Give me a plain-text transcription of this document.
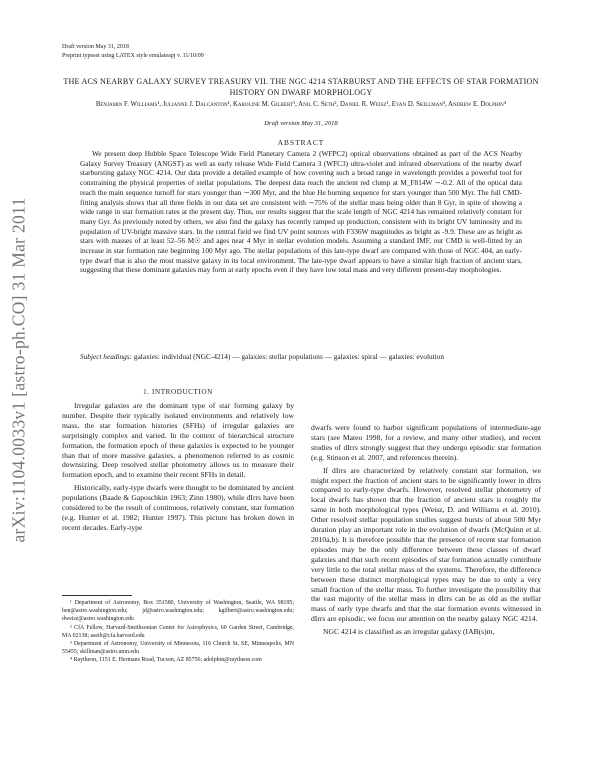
arXiv:1104.0033v1 [astro-ph.CO] 31 Mar 2011
Draft version May 31, 2018
Preprint typeset using LATEX style emulateapj v. 11/10/09
THE ACS NEARBY GALAXY SURVEY TREASURY VII. THE NGC 4214 STARBURST AND THE EFFECTS OF STAR FORMATION HISTORY ON DWARF MORPHOLOGY
Benjamin F. Williams¹, Julianne J. Dalcanton¹, Karoline M. Gilbert¹, Anil C. Seth², Daniel R. Weisz¹, Evan D. Skillman³, Andrew E. Dolphin⁴
Draft version May 31, 2018
ABSTRACT

We present deep Hubble Space Telescope Wide Field Planetary Camera 2 (WFPC2) optical observations obtained as part of the ACS Nearby Galaxy Survey Treasury (ANGST) as well as early release Wide Field Camera 3 (WFC3) ultra-violet and infrared observations of the nearby dwarf starbursting galaxy NGC 4214. Our data provide a detailed example of how covering such a broad range in wavelength provides a powerful tool for constraining the physical properties of stellar populations. The deepest data reach the ancient red clump at M_F814W ∼-0.2. All of the optical data reach the main sequence turnoff for stars younger than ∼300 Myr, and the blue He burning sequence for stars younger than 500 Myr. The full CMD-fitting analysis shows that all three fields in our data set are consistent with ∼75% of the stellar mass being older than 8 Gyr, in spite of showing a wide range in star formation rates at the present day. Thus, our results suggest that the scale length of NGC 4214 has remained relatively constant for many Gyr. As previously noted by others, we also find the galaxy has recently ramped up production, consistent with its bright UV luminosity and its population of UV-bright massive stars. In the central field we find UV point sources with F336W magnitudes as bright as -9.9. These are as bright as stars with masses of at least 52–56 M☉ and ages near 4 Myr in stellar evolution models. Assuming a standard IMF, our CMD is well-fitted by an increase in star formation rate beginning 100 Myr ago. The stellar populations of this late-type dwarf are compared with those of NGC 404, an early-type dwarf that is also the most massive galaxy in its local environment. The late-type dwarf appears to have a similar high fraction of ancient stars, suggesting that these dominant galaxies may form at early epochs even if they have low total mass and very different present-day morphologies.

Subject headings: galaxies: individual (NGC-4214) — galaxies: stellar populations — galaxies: spiral — galaxies: evolution
1. INTRODUCTION

Irregular galaxies are the dominant type of star forming galaxy by number. Despite their typically isolated environments and relatively low mass, the star formation histories (SFHs) of irregular galaxies are surprisingly complex and varied. In the context of hierarchical structure formation, the formation epoch of these galaxies is expected to be younger than that of more massive galaxies, a phenomenon referred to as cosmic downsizing. Deep resolved stellar photometry allows us to measure their formation epoch, and to examine their recent SFHs in detail.

Historically, early-type dwarfs were thought to be dominated by ancient populations (Baade & Gaposchkin 1963; Zinn 1980), while dIrrs have been considered to be the result of continuous, relatively constant, star formation (e.g. Hunter et al. 1982; Hunter 1997). This picture has broken down in recent decades. Early-type

¹ Department of Astronomy, Box 351580, University of Washington, Seattle, WA 98195; ben@astro.washington.edu; jd@astro.washington.edu; kgilbert@astro.washington.edu; dweisz@astro.washington.edu

² CfA Fellow, Harvard-Smithsonian Center for Astrophysics, 60 Garden Street, Cambridge, MA 02138; aseth@cfa.harvard.edu

³ Department of Astronomy, University of Minnesota, 116 Church St. SE, Minneapolis, MN 55455; skillman@astro.umn.edu

⁴ Raytheon, 1151 E. Hermans Road, Tucson, AZ 85756; adolphin@raytheon.com

dwarfs were found to harbor significant populations of intermediate-age stars (see Mateo 1998, for a review, and many other studies), and recent studies of dIrrs strongly suggest that they undergo episodic star formation (e.g. Stinson et al. 2007, and references therein).

If dIrrs are characterized by relatively constant star formation, we might expect the fraction of ancient stars to be significantly lower in dIrrs compared to early-type dwarfs. However, resolved stellar photometry of local dwarfs has shown that the fraction of ancient stars is roughly the same in both morphological types (Weisz, D. and Williams et al. 2010). Other resolved stellar population studies suggest bursts of about 500 Myr duration play an important role in the evolution of dwarfs (McQuinn et al. 2010a,b). It is therefore possible that the presence of recent star formation episodes may be the only difference between these classes of dwarf galaxies and that such recent episodes of star formation actually contribute very little to the total stellar mass of the systems. Therefore, the difference between these distinct morphological types may be due to only a very small fraction of the stellar mass. To further investigate the possibility that the vast majority of the stellar mass in dIrrs can be as old as the stellar mass of early type dwarfs and that the star formation events witnessed in dIrrs are episodic, we focus our attention on the nearby galaxy NGC 4214.

NGC 4214 is classified as an irregular galaxy (IAB(s)m,
